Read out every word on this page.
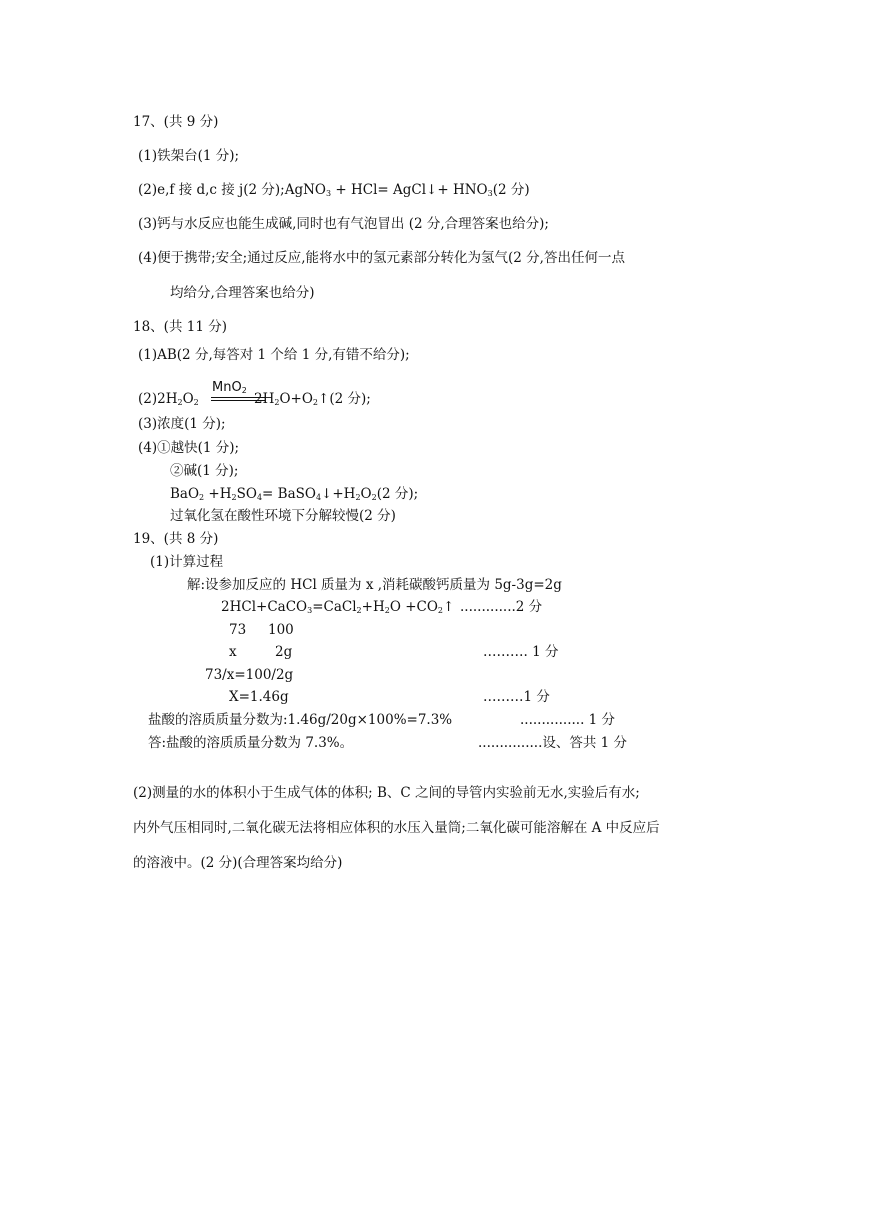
17、(共 9 分)
(1)铁架台(1 分);
(2)e,f 接 d,c 接 j(2 分);AgNO$_3$ + HCl= AgCl↓+ $HNO_3(2$ 分)
(3)钙与水反应也能生成碱,同时也有气泡冒出 (2 分,合理答案也给分);
(4)便于携带;安全;通过反应,能将水中的氢元素部分转化为氢气(2 分,答出任何一点
均给分,合理答案也给分)
18、(共 11 分)
(1)AB(2 分,每答对 1 个给 1 分,有错不给分);
MnO$_2$
$(2)2H_2O_2$	$2H_2O+O_2↑(2$ 分);
(3)浓度(1 分);
(4)①越快(1 分);
②碱(1 分);
$BaO_2 +H_2SO_4=$ $BaSO_4↓+H_2O_2(2$ 分);
过氧化氢在酸性环境下分解较慢(2 分)
19、(共 8 分)
(1)计算过程
解:设参加反应的 HCl 质量为 x ,消耗碳酸钙质量为 5g-3g=2g
$2HCl+CaCO_3=CaCl_2+H_2O$ $+CO_2↑$ .............2 分
73 100
x	2g	………. 1 分
73/x=100/2g
X=1.46g	………1 分
盐酸的溶质质量分数为:1.46g/20g×100%=7.3%	............... 1 分
答:盐酸的溶质质量分数为 7.3%。	...............设、答共 1 分
(2)测量的水的体积小于生成气体的体积; B、C 之间的导管内实验前无水,实验后有水;
内外气压相同时,二氧化碳无法将相应体积的水压入量筒;二氧化碳可能溶解在 A 中反应后
的溶液中。(2 分)(合理答案均给分)
